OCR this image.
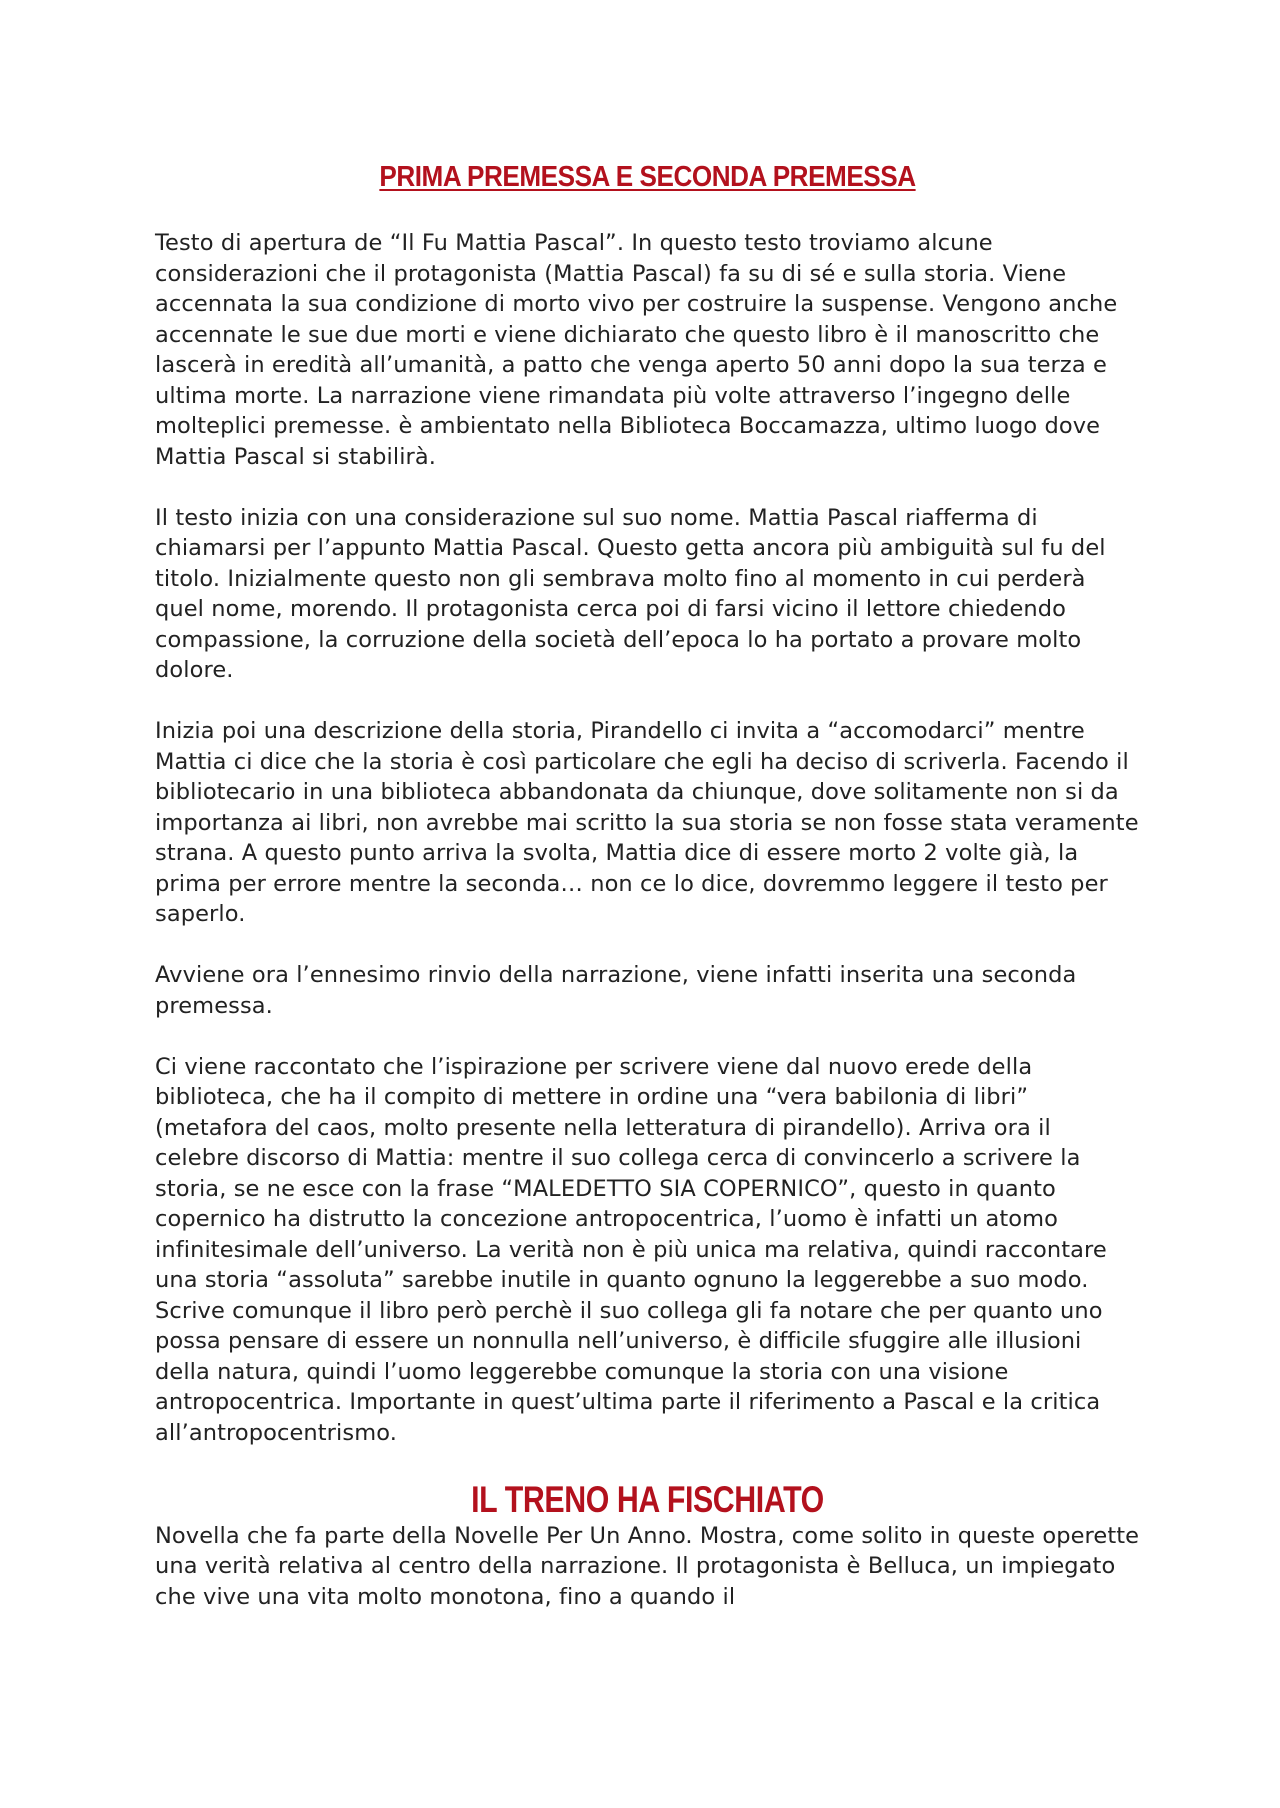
PRIMA PREMESSA E SECONDA PREMESSA

Testo di apertura de “Il Fu Mattia Pascal”. In questo testo troviamo alcune considerazioni che il protagonista (Mattia Pascal) fa su di sé e sulla storia. Viene accennata la sua condizione di morto vivo per costruire la suspense. Vengono anche accennate le sue due morti e viene dichiarato che questo libro è il manoscritto che lascerà in eredità all’umanità, a patto che venga aperto 50 anni dopo la sua terza e ultima morte. La narrazione viene rimandata più volte attraverso l’ingegno delle molteplici premesse. è ambientato nella Biblioteca Boccamazza, ultimo luogo dove Mattia Pascal si stabilirà.

Il testo inizia con una considerazione sul suo nome. Mattia Pascal riafferma di chiamarsi per l’appunto Mattia Pascal. Questo getta ancora più ambiguità sul fu del titolo. Inizialmente questo non gli sembrava molto fino al momento in cui perderà quel nome, morendo. Il protagonista cerca poi di farsi vicino il lettore chiedendo compassione, la corruzione della società dell’epoca lo ha portato a provare molto dolore.

Inizia poi una descrizione della storia, Pirandello ci invita a “accomodarci” mentre Mattia ci dice che la storia è così particolare che egli ha deciso di scriverla. Facendo il bibliotecario in una biblioteca abbandonata da chiunque, dove solitamente non si da importanza ai libri, non avrebbe mai scritto la sua storia se non fosse stata veramente strana. A questo punto arriva la svolta, Mattia dice di essere morto 2 volte già, la prima per errore mentre la seconda… non ce lo dice, dovremmo leggere il testo per saperlo.

Avviene ora l’ennesimo rinvio della narrazione, viene infatti inserita una seconda premessa.

Ci viene raccontato che l’ispirazione per scrivere viene dal nuovo erede della biblioteca, che ha il compito di mettere in ordine una “vera babilonia di libri” (metafora del caos, molto presente nella letteratura di pirandello). Arriva ora il celebre discorso di Mattia: mentre il suo collega cerca di convincerlo a scrivere la storia, se ne esce con la frase “MALEDETTO SIA COPERNICO”, questo in quanto copernico ha distrutto la concezione antropocentrica, l’uomo è infatti un atomo infinitesimale dell’universo. La verità non è più unica ma relativa, quindi raccontare una storia “assoluta” sarebbe inutile in quanto ognuno la leggerebbe a suo modo. Scrive comunque il libro però perchè il suo collega gli fa notare che per quanto uno possa pensare di essere un nonnulla nell’universo, è difficile sfuggire alle illusioni della natura, quindi l’uomo leggerebbe comunque la storia con una visione antropocentrica. Importante in quest’ultima parte il riferimento a Pascal e la critica all’antropocentrismo.

IL TRENO HA FISCHIATO

Novella che fa parte della Novelle Per Un Anno. Mostra, come solito in queste operette una verità relativa al centro della narrazione. Il protagonista è Belluca, un impiegato che vive una vita molto monotona, fino a quando il
